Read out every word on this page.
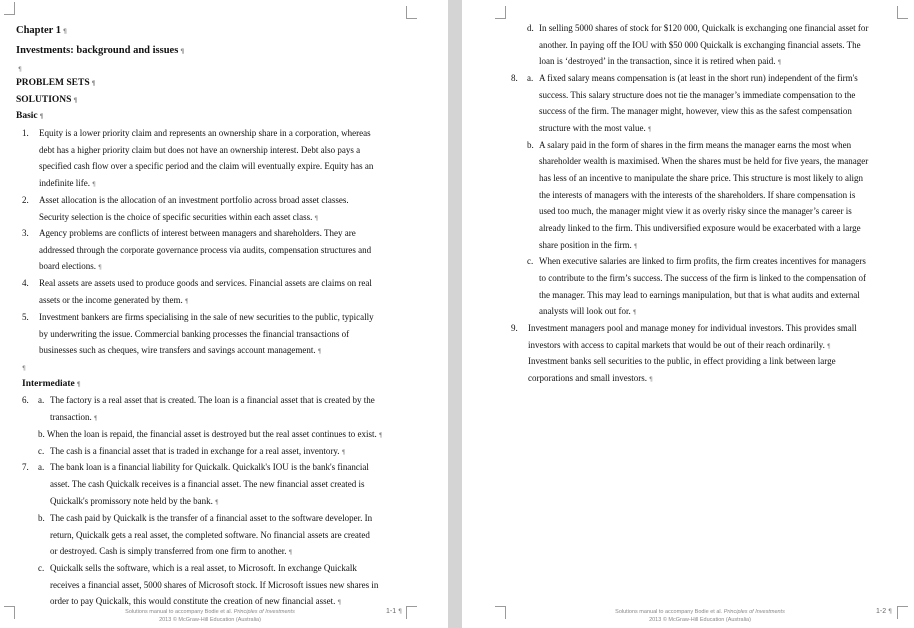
Chapter 1 ¶
Investments: background and issues ¶
¶
PROBLEM SETS ¶
SOLUTIONS ¶
Basic ¶
1. Equity is a lower priority claim and represents an ownership share in a corporation, whereas
debt has a higher priority claim but does not have an ownership interest. Debt also pays a
specified cash flow over a specific period and the claim will eventually expire. Equity has an
indefinite life. ¶
2. Asset allocation is the allocation of an investment portfolio across broad asset classes.
Security selection is the choice of specific securities within each asset class. ¶
3. Agency problems are conflicts of interest between managers and shareholders. They are
addressed through the corporate governance process via audits, compensation structures and
board elections. ¶
4. Real assets are assets used to produce goods and services. Financial assets are claims on real
assets or the income generated by them. ¶
5. Investment bankers are firms specialising in the sale of new securities to the public, typically
by underwriting the issue. Commercial banking processes the financial transactions of
businesses such as cheques, wire transfers and savings account management. ¶
¶
Intermediate ¶
6. a. The factory is a real asset that is created. The loan is a financial asset that is created by the
transaction. ¶
b. When the loan is repaid, the financial asset is destroyed but the real asset continues to exist. ¶
c. The cash is a financial asset that is traded in exchange for a real asset, inventory. ¶
7. a. The bank loan is a financial liability for Quickalk. Quickalk's IOU is the bank's financial
asset. The cash Quickalk receives is a financial asset. The new financial asset created is
Quickalk's promissory note held by the bank. ¶
b. The cash paid by Quickalk is the transfer of a financial asset to the software developer. In
return, Quickalk gets a real asset, the completed software. No financial assets are created
or destroyed. Cash is simply transferred from one firm to another. ¶
c. Quickalk sells the software, which is a real asset, to Microsoft. In exchange Quickalk
receives a financial asset, 5000 shares of Microsoft stock. If Microsoft issues new shares in
order to pay Quickalk, this would constitute the creation of new financial asset. ¶
Solutions manual to accompany Bodie et al. Principles of Investments
2013 © McGraw-Hill Education (Australia)
1-1 ¶
d. In selling 5000 shares of stock for $120 000, Quickalk is exchanging one financial asset for
another. In paying off the IOU with $50 000 Quickalk is exchanging financial assets. The
loan is ‘destroyed’ in the transaction, since it is retired when paid. ¶
8. a. A fixed salary means compensation is (at least in the short run) independent of the firm's
success. This salary structure does not tie the manager’s immediate compensation to the
success of the firm. The manager might, however, view this as the safest compensation
structure with the most value. ¶
b. A salary paid in the form of shares in the firm means the manager earns the most when
shareholder wealth is maximised. When the shares must be held for five years, the manager
has less of an incentive to manipulate the share price. This structure is most likely to align
the interests of managers with the interests of the shareholders. If share compensation is
used too much, the manager might view it as overly risky since the manager’s career is
already linked to the firm. This undiversified exposure would be exacerbated with a large
share position in the firm. ¶
c. When executive salaries are linked to firm profits, the firm creates incentives for managers
to contribute to the firm’s success. The success of the firm is linked to the compensation of
the manager. This may lead to earnings manipulation, but that is what audits and external
analysts will look out for. ¶
9. Investment managers pool and manage money for individual investors. This provides small
investors with access to capital markets that would be out of their reach ordinarily. ¶
Investment banks sell securities to the public, in effect providing a link between large
corporations and small investors. ¶
Solutions manual to accompany Bodie et al. Principles of Investments
2013 © McGraw-Hill Education (Australia)
1-2 ¶
